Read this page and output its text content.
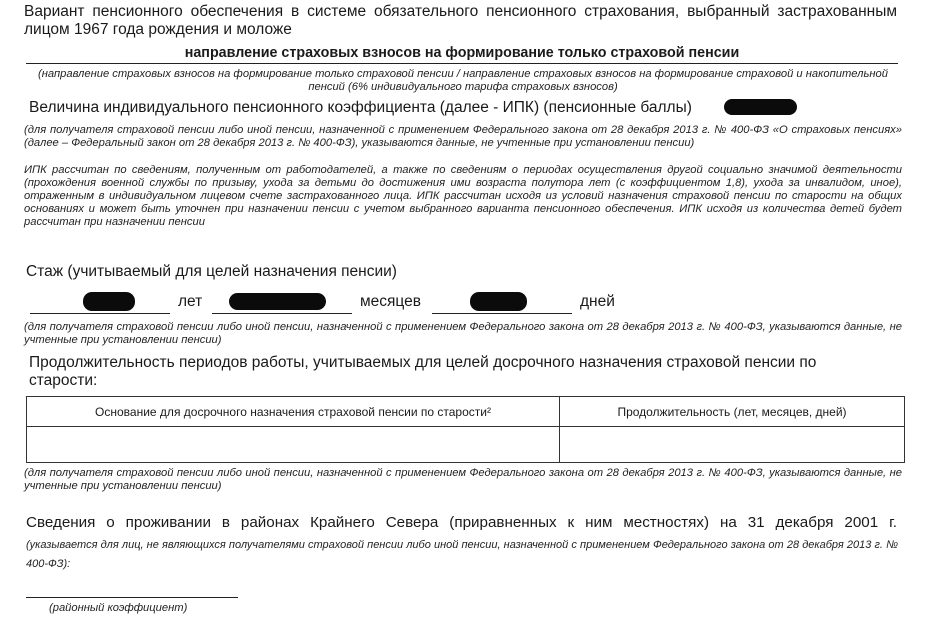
Вариант пенсионного обеспечения в системе обязательного пенсионного страхования, выбранный застрахованным лицом 1967 года рождения и моложе
направление страховых взносов на формирование только страховой пенсии
(направление страховых взносов на формирование только страховой пенсии / направление страховых взносов на формирование страховой и накопительной пенсий (6% индивидуального тарифа страховых взносов)
Величина индивидуального пенсионного коэффициента (далее - ИПК) (пенсионные баллы)
(для получателя страховой пенсии либо иной пенсии, назначенной с применением Федерального закона от 28 декабря 2013 г. № 400-ФЗ «О страховых пенсиях» (далее – Федеральный закон от 28 декабря 2013 г. № 400-ФЗ), указываются данные, не учтенные при установлении пенсии)
ИПК рассчитан по сведениям, полученным от работодателей, а также по сведениям о периодах осуществления другой социально значимой деятельности (прохождения военной службы по призыву, ухода за детьми до достижения ими возраста полутора лет (с коэффициентом 1,8), ухода за инвалидом, иное), отраженным в индивидуальном лицевом счете застрахованного лица. ИПК рассчитан исходя из условий назначения страховой пенсии по старости на общих основаниях и может быть уточнен при назначении пенсии с учетом выбранного варианта пенсионного обеспечения. ИПК исходя из количества детей будет рассчитан при назначении пенсии
Стаж (учитываемый для целей назначения пенсии)
лет	месяцев	дней
(для получателя страховой пенсии либо иной пенсии, назначенной с применением Федерального закона от 28 декабря 2013 г. № 400-ФЗ, указываются данные, не учтенные при установлении пенсии)
Продолжительность периодов работы, учитываемых для целей досрочного назначения страховой пенсии по старости:
Основание для досрочного назначения страховой пенсии по старости²	Продолжительность (лет, месяцев, дней)

(для получателя страховой пенсии либо иной пенсии, назначенной с применением Федерального закона от 28 декабря 2013 г. № 400-ФЗ, указываются данные, не учтенные при установлении пенсии)
Сведения о проживании в районах Крайнего Севера (приравненных к ним местностях) на 31 декабря 2001 г.
(указывается для лиц, не являющихся получателями страховой пенсии либо иной пенсии, назначенной с применением Федерального закона от 28 декабря 2013 г. № 400-ФЗ):
(районный коэффициент)
